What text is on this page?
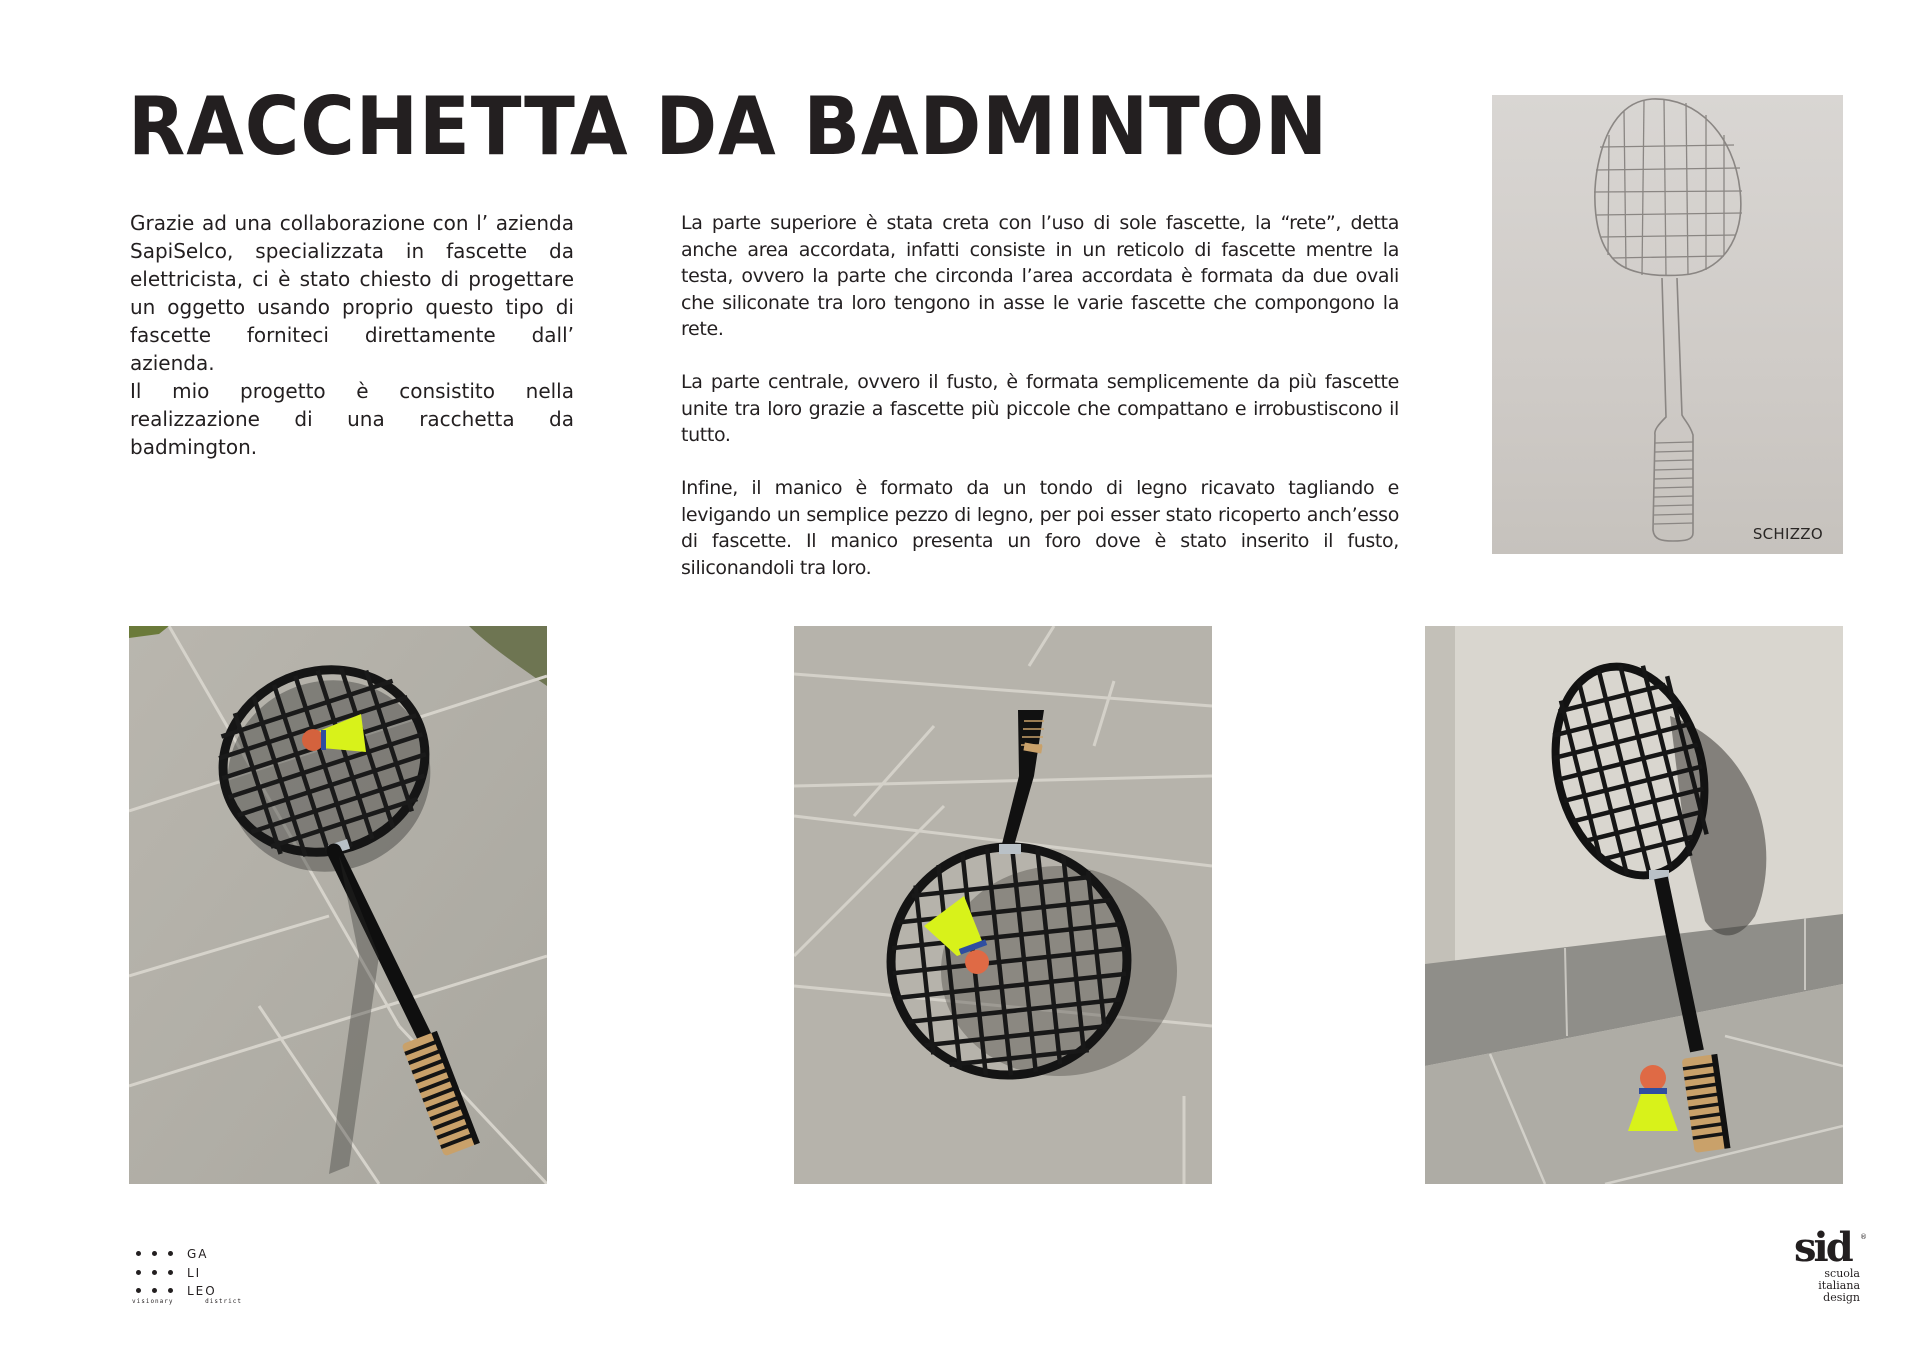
RACCHETTA DA BADMINTON

Grazie ad una collaborazione con l’ azienda SapiSelco, specializzata in fascette da elettricista, ci è stato chiesto di progettare un oggetto usando proprio questo tipo di fascette forniteci direttamente dall’ azienda.

Il mio progetto è consistito nella realizzazione di una racchetta da badmington.

La parte superiore è stata creta con l’uso di sole fascette, la “rete”, detta anche area accordata, infatti consiste in un reticolo di fascette mentre la testa, ovvero la parte che circonda l’area accordata è formata da due ovali che siliconate tra loro tengono in asse le varie fascette che compongono la rete.

La parte centrale, ovvero il fusto, è formata semplicemente da più fascette unite tra loro grazie a fascette più piccole che compattano e irrobustiscono il tutto.

Infine, il manico è formato da un tondo di legno ricavato tagliando e levigando un semplice pezzo di legno, per poi esser stato ricoperto anch’esso di fascette. Il manico presenta un foro dove è stato inserito il fusto, siliconandoli tra loro.

SCHIZZO
GA
LI
LEO
visionary	district
sid ®
scuola
italiana
design
